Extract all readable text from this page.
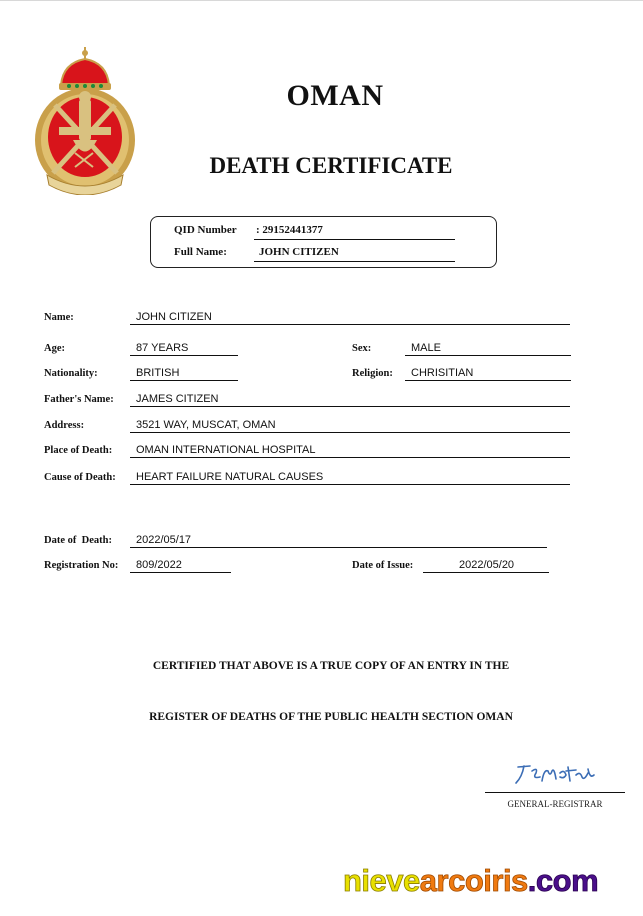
OMAN
DEATH CERTIFICATE
QID Number : 29152441377
Full Name:	JOHN CITIZEN
Name:	JOHN CITIZEN
Age:	87 YEARS	Sex:	MALE
Nationality:	BRITISH	Religion:	CHRISITIAN
Father's Name:	JAMES CITIZEN
Address:	3521 WAY, MUSCAT, OMAN
Place of Death:	OMAN INTERNATIONAL HOSPITAL
Cause of Death:	HEART FAILURE NATURAL CAUSES
Date of  Death:	2022/05/17
Registration No:	809/2022	Date of Issue:	2022/05/20
CERTIFIED THAT ABOVE IS A TRUE COPY OF AN ENTRY IN THE
REGISTER OF DEATHS OF THE PUBLIC HEALTH SECTION OMAN
GENERAL-REGISTRAR
nievearcoiris.com
